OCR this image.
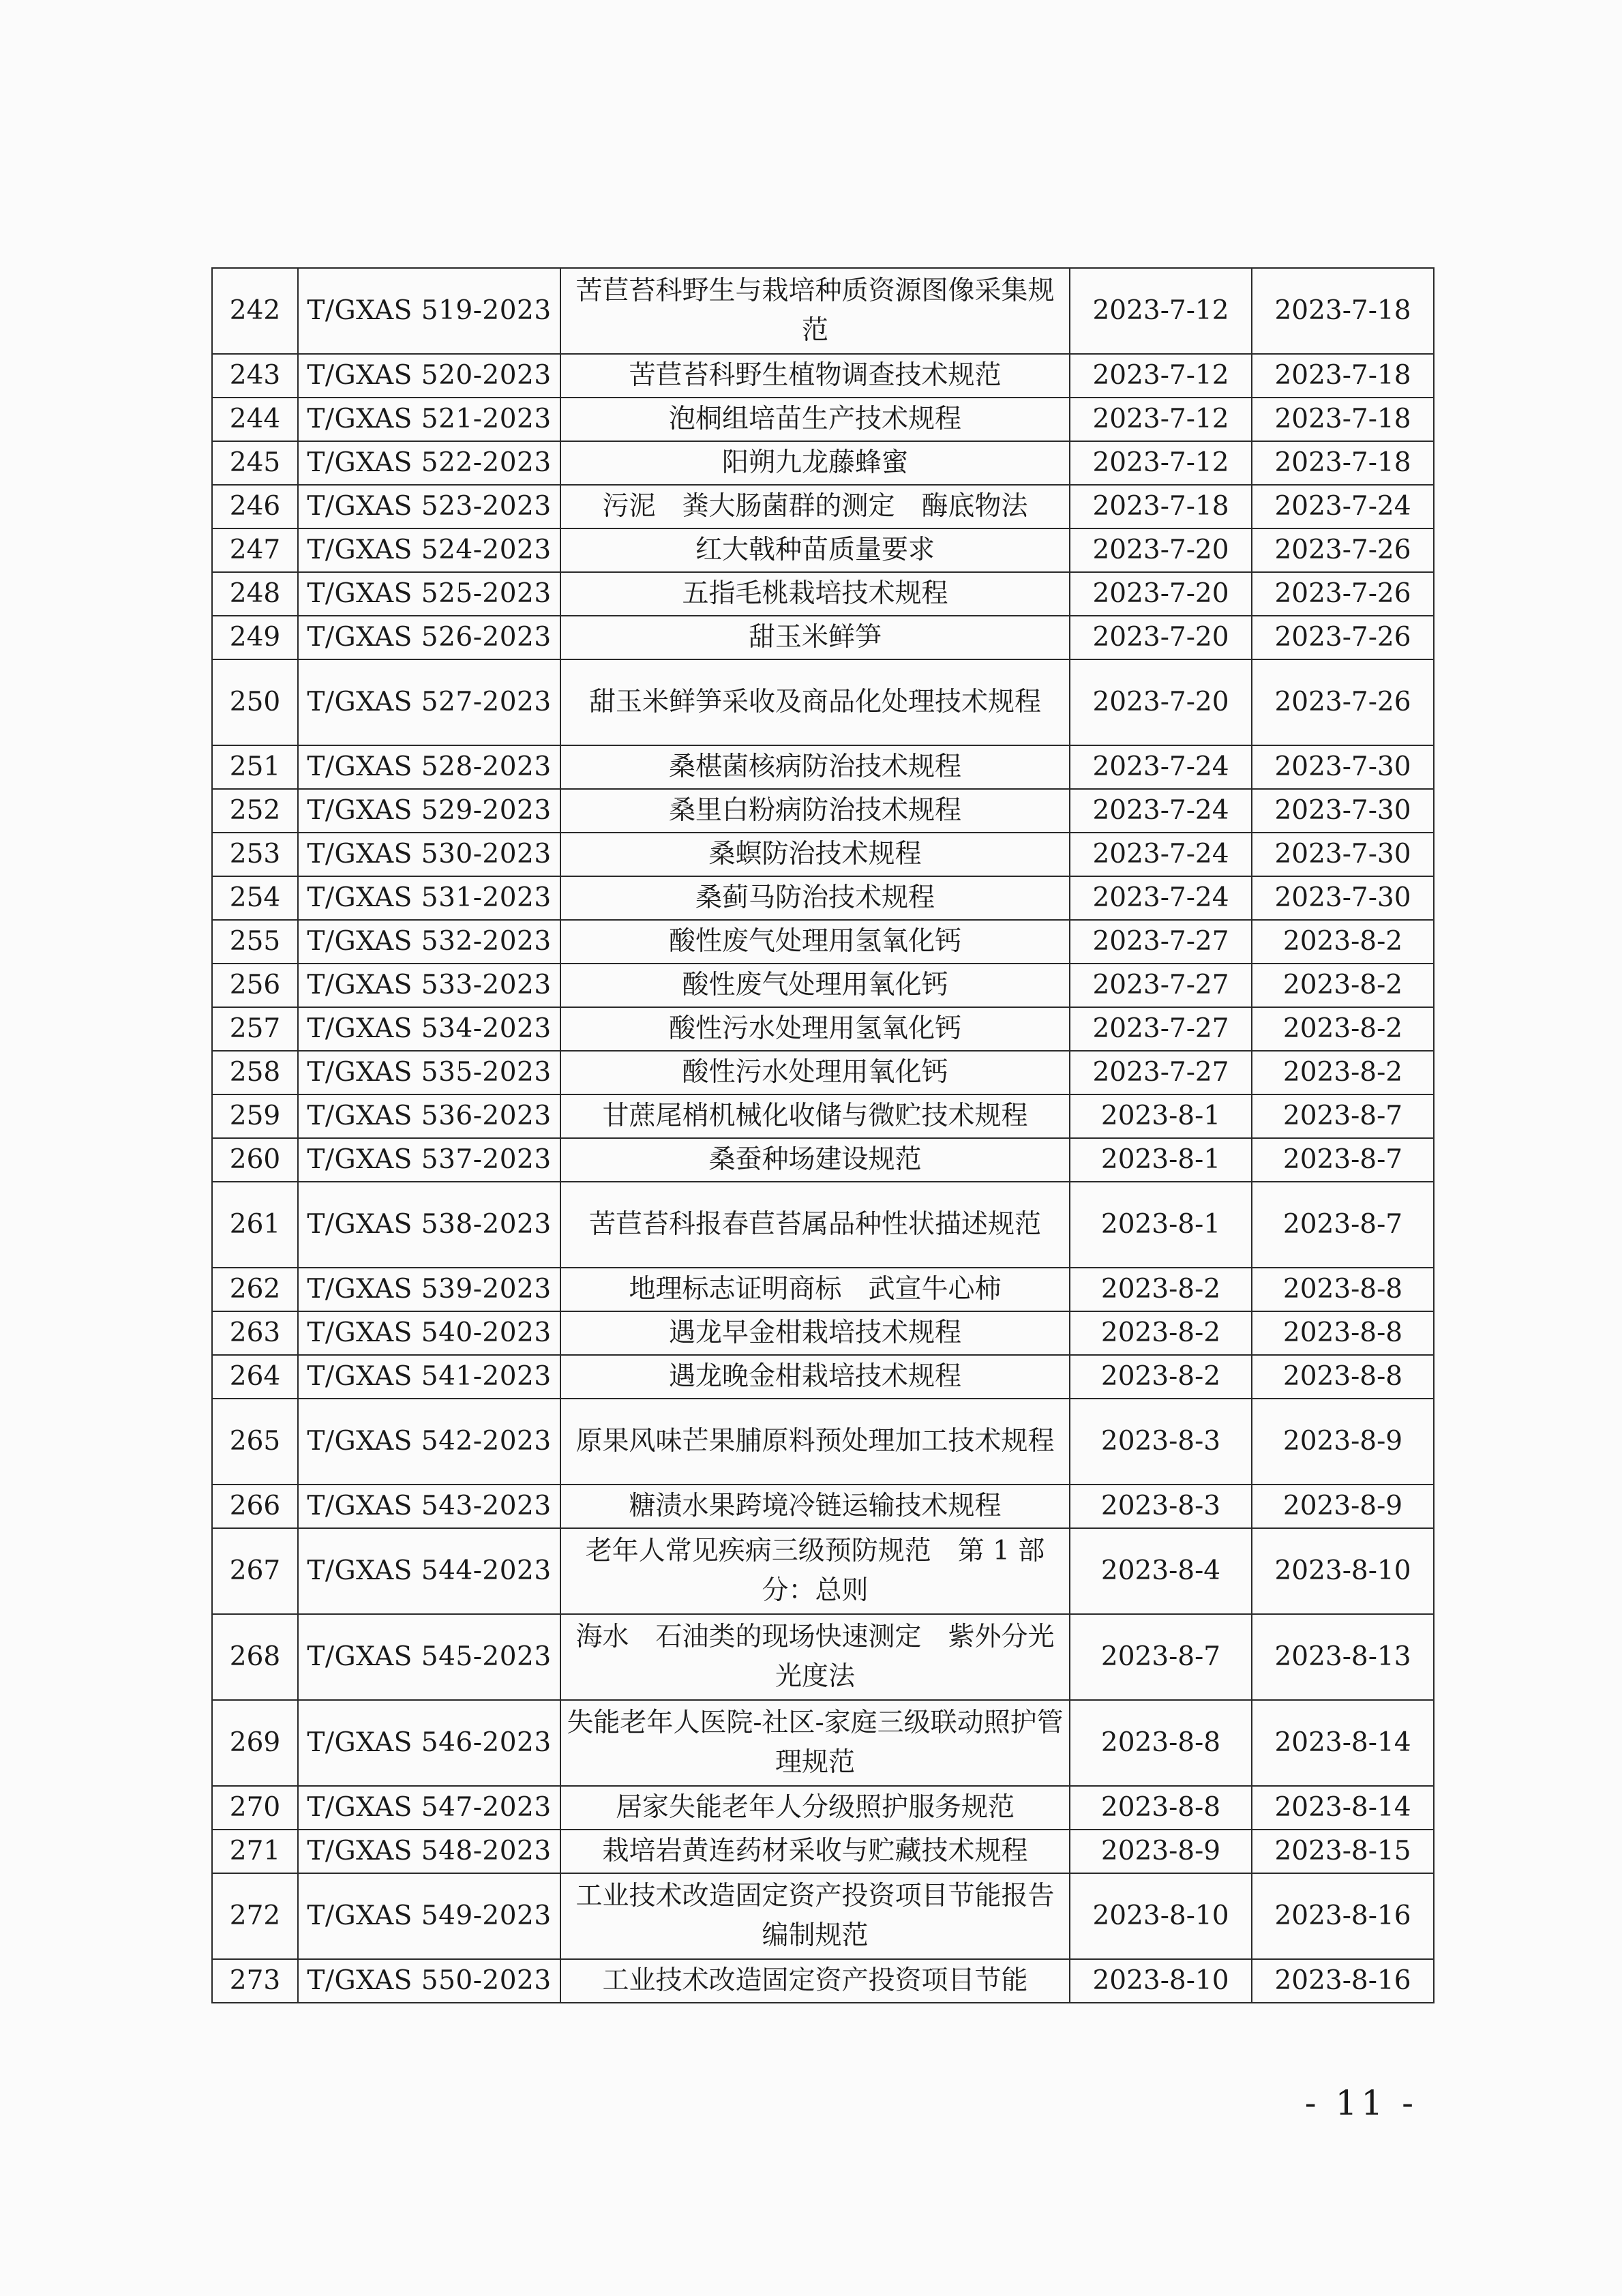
242	T/GXAS 519-2023	苦苣苔科野生与栽培种质资源图像采集规范	2023-7-12	2023-7-18
243	T/GXAS 520-2023	苦苣苔科野生植物调查技术规范	2023-7-12	2023-7-18
244	T/GXAS 521-2023	泡桐组培苗生产技术规程	2023-7-12	2023-7-18
245	T/GXAS 522-2023	阳朔九龙藤蜂蜜	2023-7-12	2023-7-18
246	T/GXAS 523-2023	污泥　粪大肠菌群的测定　酶底物法	2023-7-18	2023-7-24
247	T/GXAS 524-2023	红大戟种苗质量要求	2023-7-20	2023-7-26
248	T/GXAS 525-2023	五指毛桃栽培技术规程	2023-7-20	2023-7-26
249	T/GXAS 526-2023	甜玉米鲜笋	2023-7-20	2023-7-26
250	T/GXAS 527-2023	甜玉米鲜笋采收及商品化处理技术规程	2023-7-20	2023-7-26
251	T/GXAS 528-2023	桑椹菌核病防治技术规程	2023-7-24	2023-7-30
252	T/GXAS 529-2023	桑里白粉病防治技术规程	2023-7-24	2023-7-30
253	T/GXAS 530-2023	桑螟防治技术规程	2023-7-24	2023-7-30
254	T/GXAS 531-2023	桑蓟马防治技术规程	2023-7-24	2023-7-30
255	T/GXAS 532-2023	酸性废气处理用氢氧化钙	2023-7-27	2023-8-2
256	T/GXAS 533-2023	酸性废气处理用氧化钙	2023-7-27	2023-8-2
257	T/GXAS 534-2023	酸性污水处理用氢氧化钙	2023-7-27	2023-8-2
258	T/GXAS 535-2023	酸性污水处理用氧化钙	2023-7-27	2023-8-2
259	T/GXAS 536-2023	甘蔗尾梢机械化收储与微贮技术规程	2023-8-1	2023-8-7
260	T/GXAS 537-2023	桑蚕种场建设规范	2023-8-1	2023-8-7
261	T/GXAS 538-2023	苦苣苔科报春苣苔属品种性状描述规范	2023-8-1	2023-8-7
262	T/GXAS 539-2023	地理标志证明商标　武宣牛心柿	2023-8-2	2023-8-8
263	T/GXAS 540-2023	遇龙早金柑栽培技术规程	2023-8-2	2023-8-8
264	T/GXAS 541-2023	遇龙晚金柑栽培技术规程	2023-8-2	2023-8-8
265	T/GXAS 542-2023	原果风味芒果脯原料预处理加工技术规程	2023-8-3	2023-8-9
266	T/GXAS 543-2023	糖渍水果跨境冷链运输技术规程	2023-8-3	2023-8-9
267	T/GXAS 544-2023	老年人常见疾病三级预防规范　第 1 部分：总则	2023-8-4	2023-8-10
268	T/GXAS 545-2023	海水　石油类的现场快速测定　紫外分光光度法	2023-8-7	2023-8-13
269	T/GXAS 546-2023	失能老年人医院-社区-家庭三级联动照护管理规范	2023-8-8	2023-8-14
270	T/GXAS 547-2023	居家失能老年人分级照护服务规范	2023-8-8	2023-8-14
271	T/GXAS 548-2023	栽培岩黄连药材采收与贮藏技术规程	2023-8-9	2023-8-15
272	T/GXAS 549-2023	工业技术改造固定资产投资项目节能报告编制规范	2023-8-10	2023-8-16
273	T/GXAS 550-2023	工业技术改造固定资产投资项目节能	2023-8-10	2023-8-16
- 11 -
